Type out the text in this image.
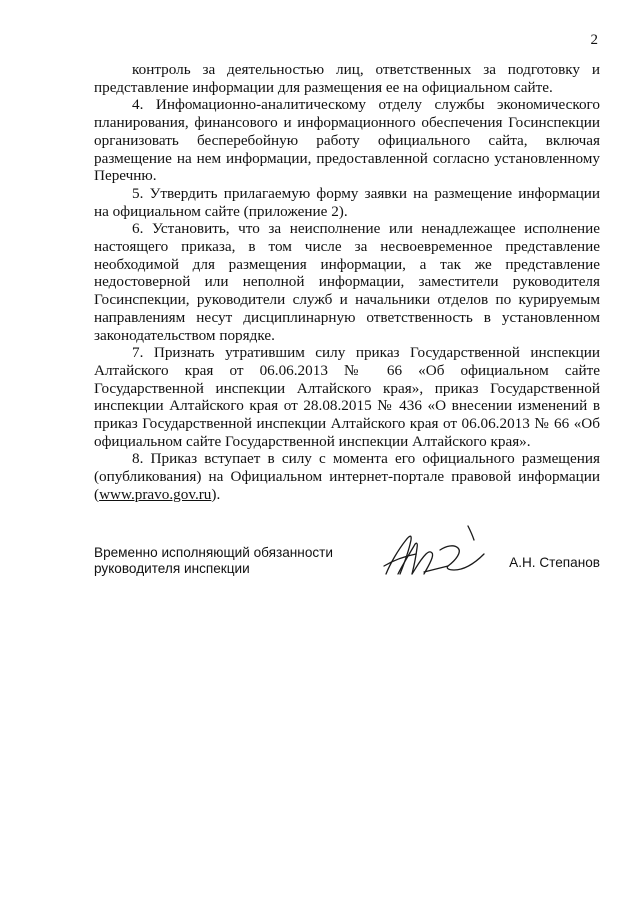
2

контроль за деятельностью лиц, ответственных за подготовку и представление информации для размещения ее на официальном сайте.

4. Инфомационно-аналитическому отделу службы экономического планирования, финансового и информационного обеспечения Госинспекции организовать бесперебойную работу официального сайта, включая размещение на нем информации, предоставленной согласно установленному Перечню.

5. Утвердить прилагаемую форму заявки на размещение информации на официальном сайте (приложение 2).

6. Установить, что за неисполнение или ненадлежащее исполнение настоящего приказа, в том числе за несвоевременное представление необходимой для размещения информации, а так же представление недостоверной или неполной информации, заместители руководителя Госинспекции, руководители служб и начальники отделов по курируемым направлениям несут дисциплинарную ответственность в установленном законодательством порядке.

7. Признать утратившим силу приказ Государственной инспекции Алтайского края от 06.06.2013 № 66 «Об официальном сайте Государственной инспекции Алтайского края», приказ Государственной инспекции Алтайского края от 28.08.2015 № 436 «О внесении изменений в приказ Государственной инспекции Алтайского края от 06.06.2013 № 66 «Об официальном сайте Государственной инспекции Алтайского края».

8. Приказ вступает в силу с момента его официального размещения (опубликования) на Официальном интернет-портале правовой информации (www.pravo.gov.ru).

Временно исполняющий обязанности
руководителя инспекции	А.Н. Степанов
